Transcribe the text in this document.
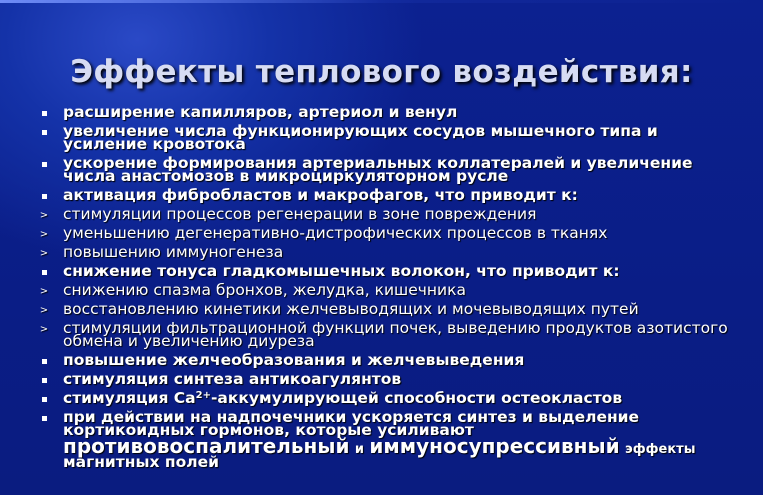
Эффекты теплового воздействия:
расширение капилляров, артериол и венул
увеличение числа функционирующих сосудов мышечного типа и усиление кровотока
ускорение формирования артериальных коллатералей и увеличение числа анастомозов в микроциркуляторном русле
активация фибробластов и макрофагов, что приводит к:
> стимуляции процессов регенерации в зоне повреждения
> уменьшению дегенеративно-дистрофических процессов в тканях
> повышению иммуногенеза
снижение тонуса гладкомышечных волокон, что приводит к:
> снижению спазма бронхов, желудка, кишечника
> восстановлению кинетики желчевыводящих и мочевыводящих путей
> стимуляции фильтрационной функции почек, выведению продуктов азотистого обмена и увеличению диуреза
повышение желчеобразования и желчевыведения
стимуляция синтеза антикоагулянтов
стимуляция $Са^{2+}$-аккумулирующей способности остеокластов
при действии на надпочечники ускоряется синтез и выделение кортикоидных гормонов, которые усиливают противовоспалительный и иммуносупрессивный эффекты магнитных полей
